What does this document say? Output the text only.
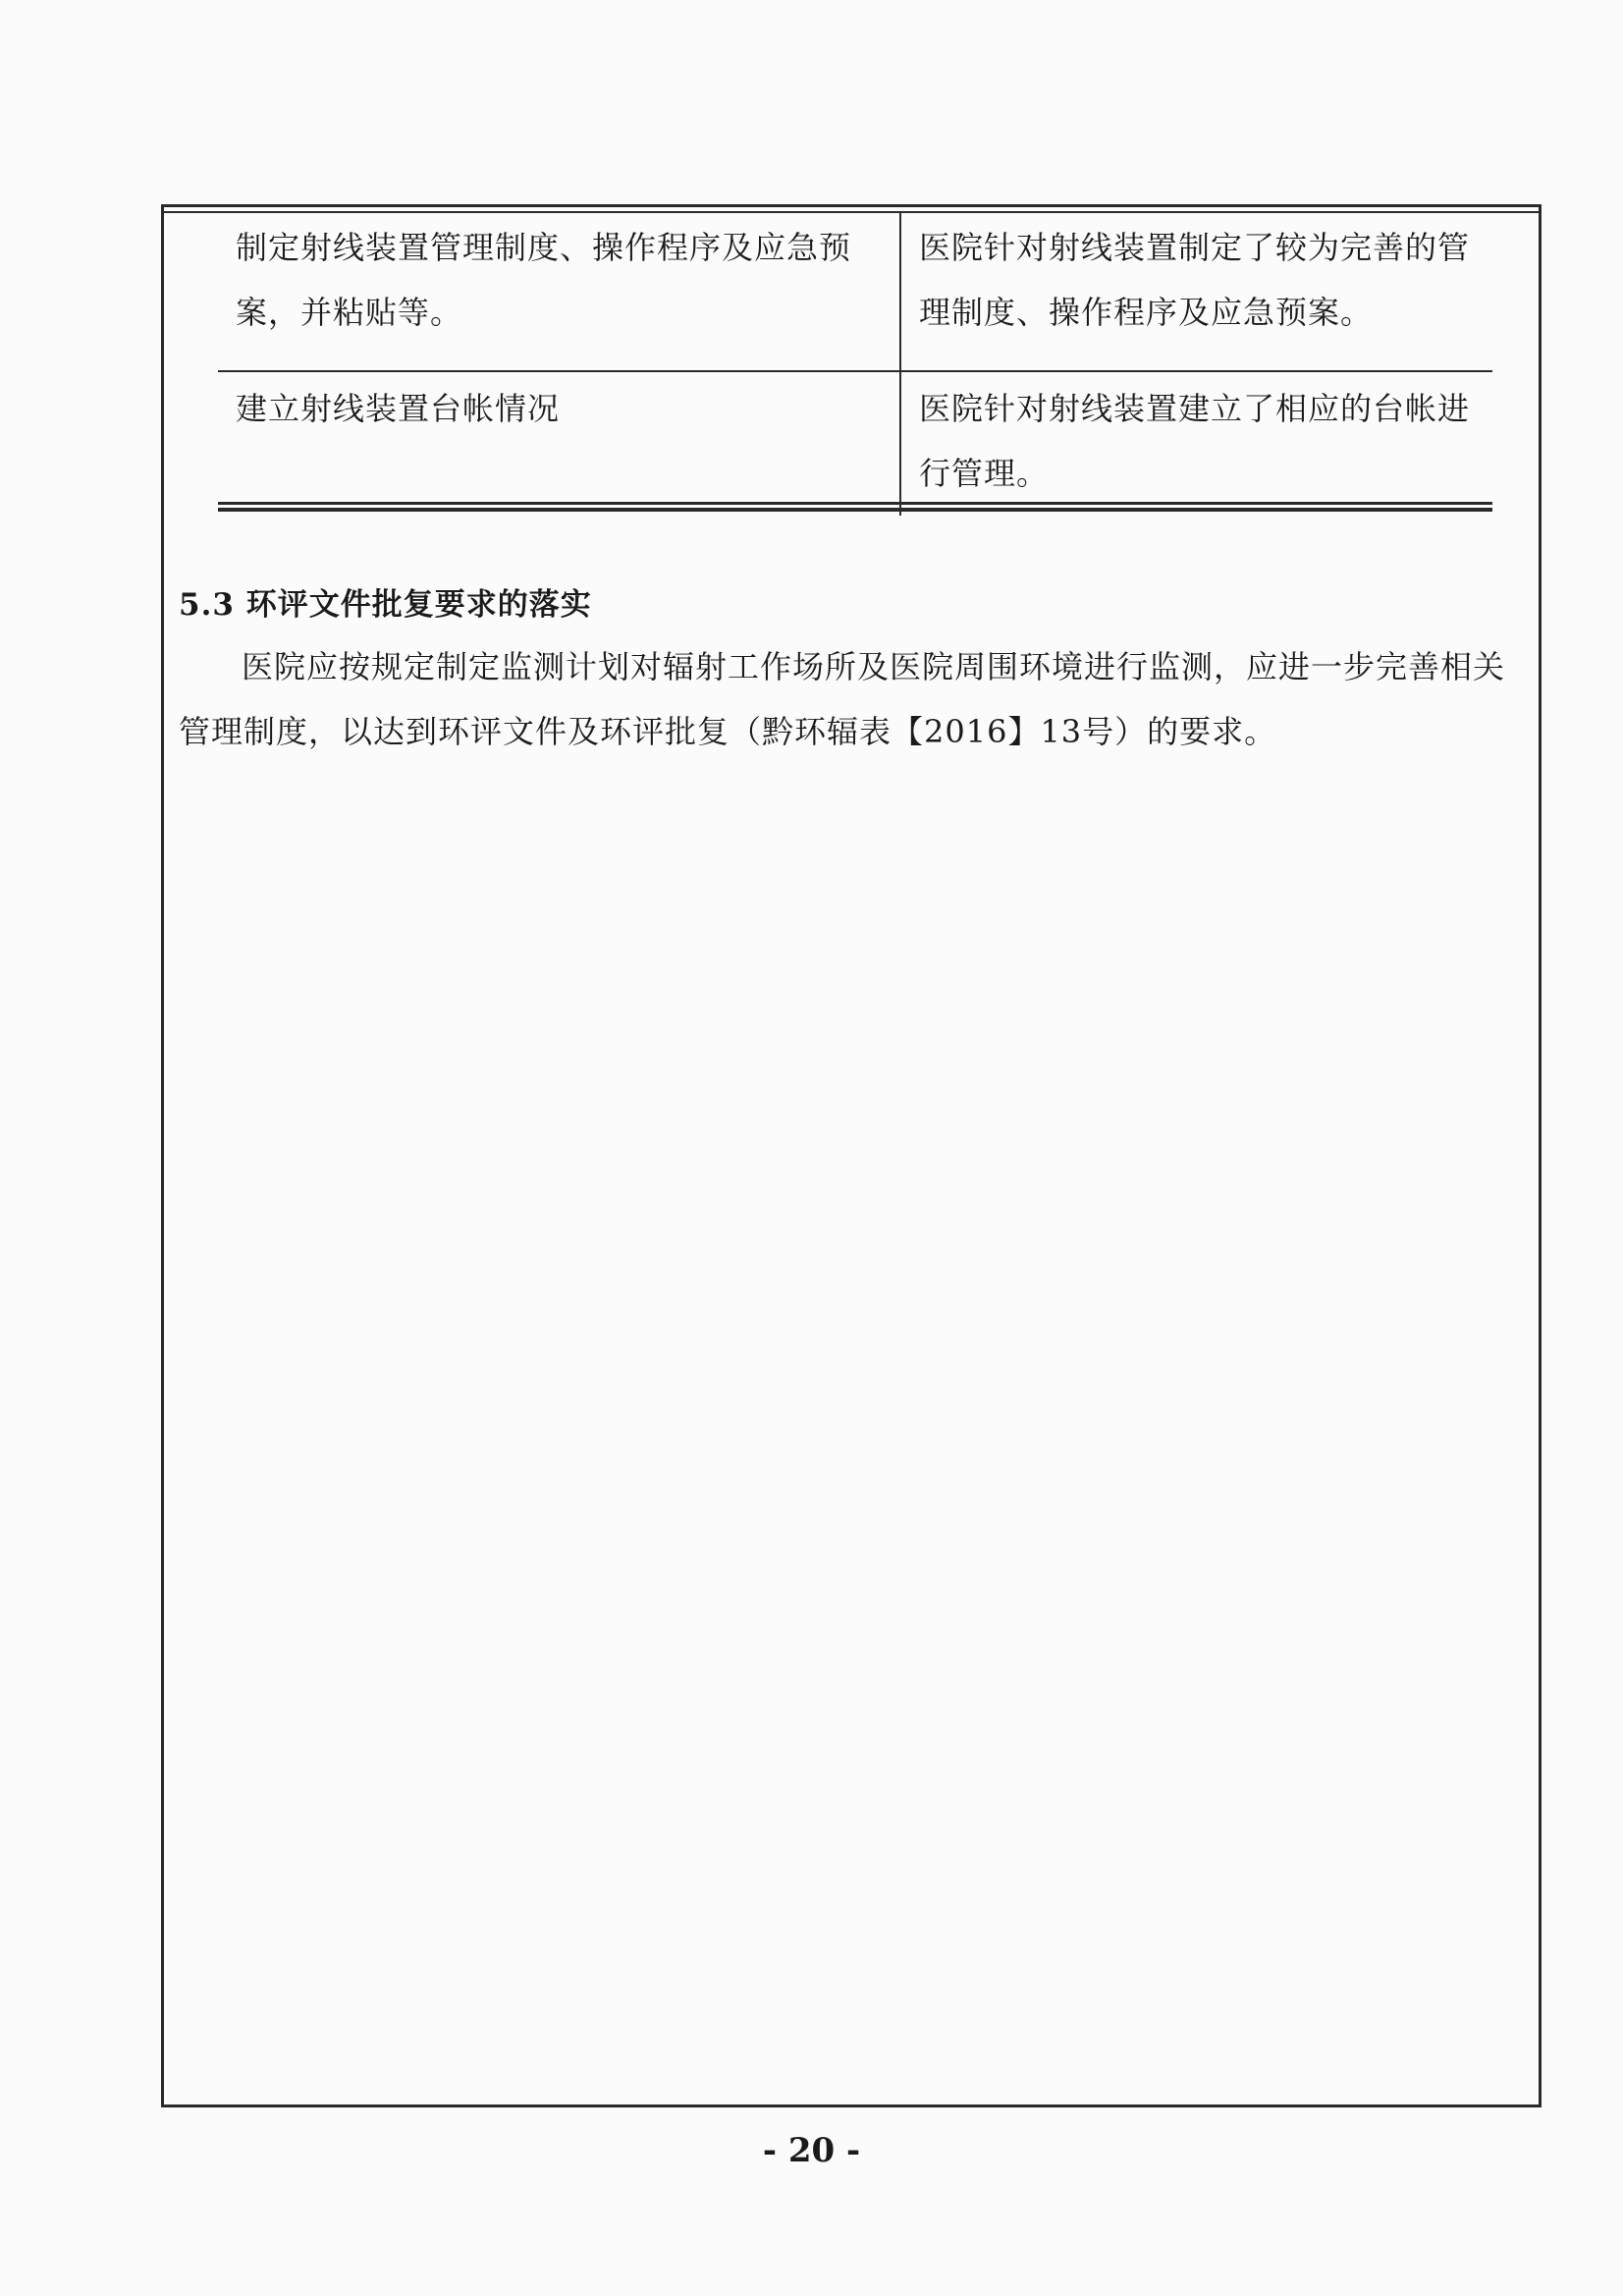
制定射线装置管理制度、操作程序及应急预案，并粘贴等。	医院针对射线装置制定了较为完善的管理制度、操作程序及应急预案。
建立射线装置台帐情况	医院针对射线装置建立了相应的台帐进行管理。
5.3 环评文件批复要求的落实

医院应按规定制定监测计划对辐射工作场所及医院周围环境进行监测，应进一步完善相关管理制度，以达到环评文件及环评批复（黔环辐表【2016】13号）的要求。

- 20 -
